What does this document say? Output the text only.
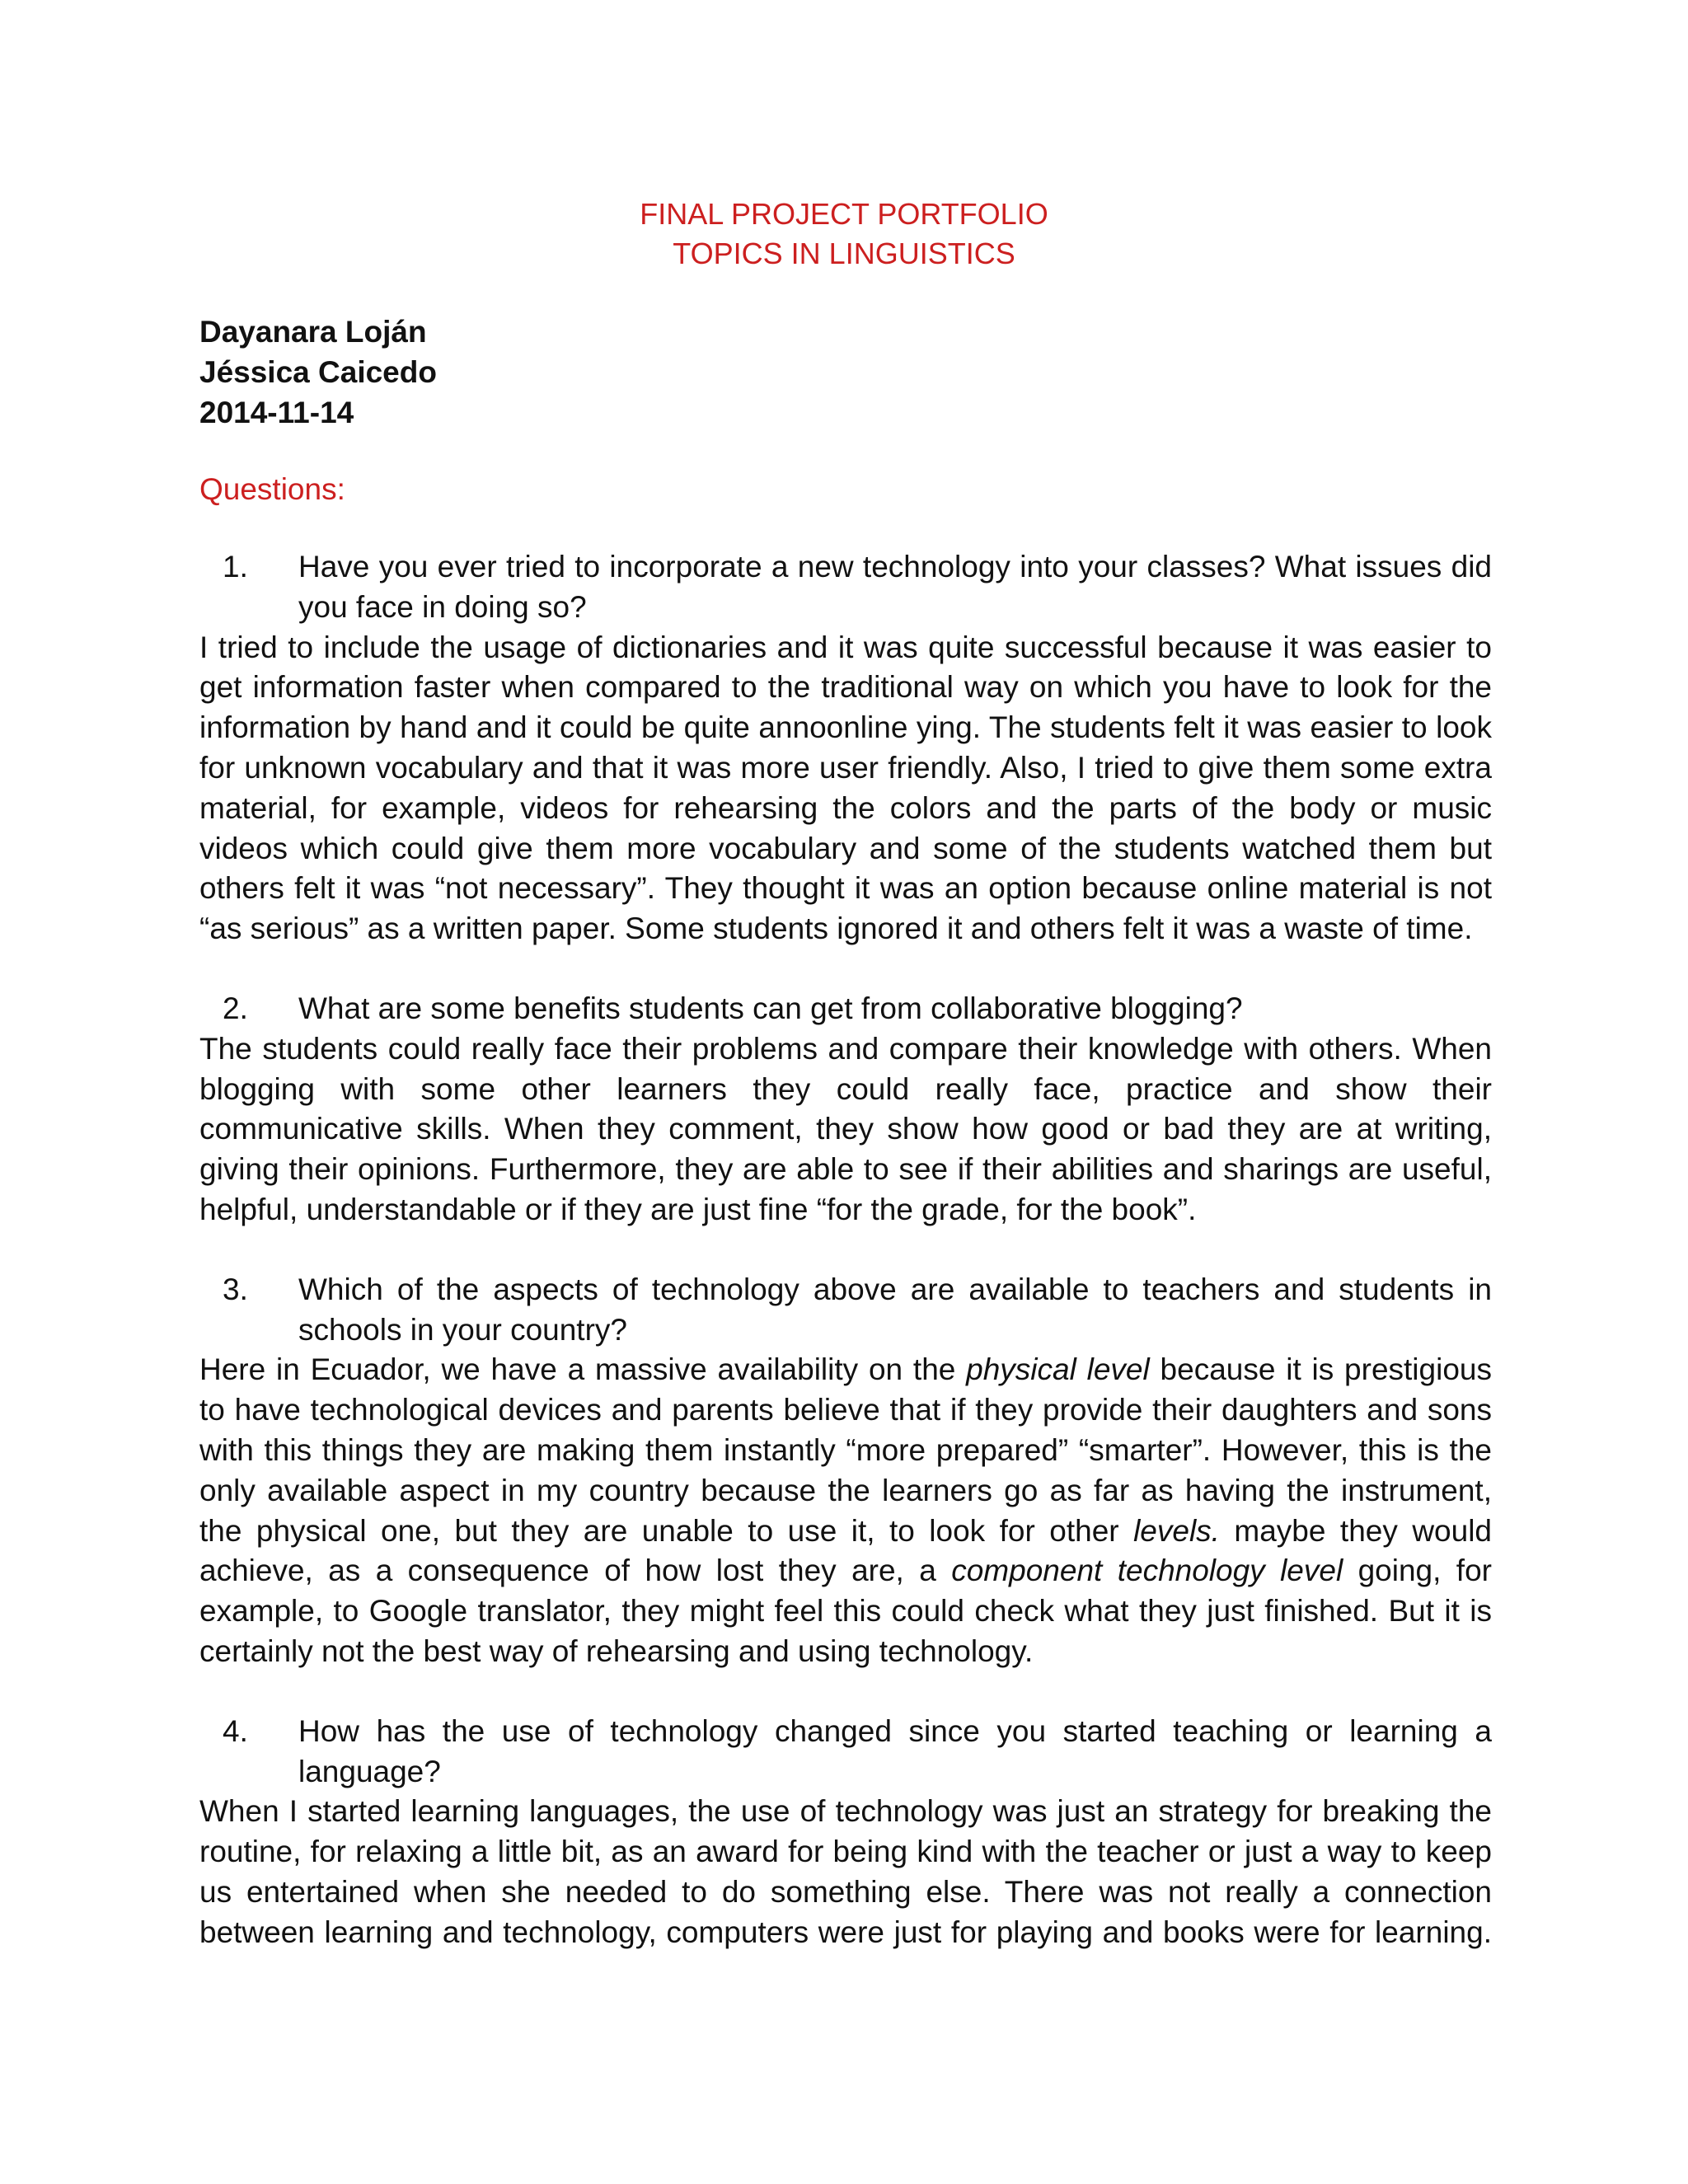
FINAL PROJECT PORTFOLIO
TOPICS IN LINGUISTICS
Dayanara Loján
Jéssica Caicedo
2014-11-14
Questions:
1.	Have you ever tried to incorporate a new technology into your classes? What issues did you face in doing so?
I tried to include the usage of dictionaries and it was quite successful because it was easier to get information faster when compared to the traditional way on which you have to look for the information by hand and it could be quite annoonline ying. The students felt it was easier to look for unknown vocabulary and that it was more user friendly. Also, I tried to give them some extra material, for example, videos for rehearsing the colors and the parts of the body or music videos which could give them more vocabulary and some of the students watched them but others felt it was “not necessary”. They thought it was an option because online material is not “as serious” as a written paper. Some students ignored it and others felt it was a waste of time.
2.	What are some benefits students can get from collaborative blogging?
The students could really face their problems and compare their knowledge with others. When blogging with some other learners they could really face, practice and show their communicative skills. When they comment, they show how good or bad they are at writing, giving their opinions. Furthermore, they are able to see if their abilities and sharings are useful, helpful, understandable or if they are just fine “for the grade, for the book”.
3.	Which of the aspects of technology above are available to teachers and students in schools in your country?
Here in Ecuador, we have a massive availability on the physical level because it is prestigious to have technological devices and parents believe that if they provide their daughters and sons with this things they are making them instantly “more prepared” “smarter”. However, this is the only available aspect in my country because the learners go as far as having the instrument, the physical one, but they are unable to use it, to look for other levels. maybe they would achieve, as a consequence of how lost they are, a component technology level going, for example, to Google translator, they might feel this could check what they just finished. But it is certainly not the best way of rehearsing and using technology.
4.	How has the use of technology changed since you started teaching or learning a language?
When I started learning languages, the use of technology was just an strategy for breaking the routine, for relaxing a little bit, as an award for being kind with the teacher or just a way to keep us entertained when she needed to do something else. There was not really a connection between learning and technology, computers were just for playing and books were for learning.
